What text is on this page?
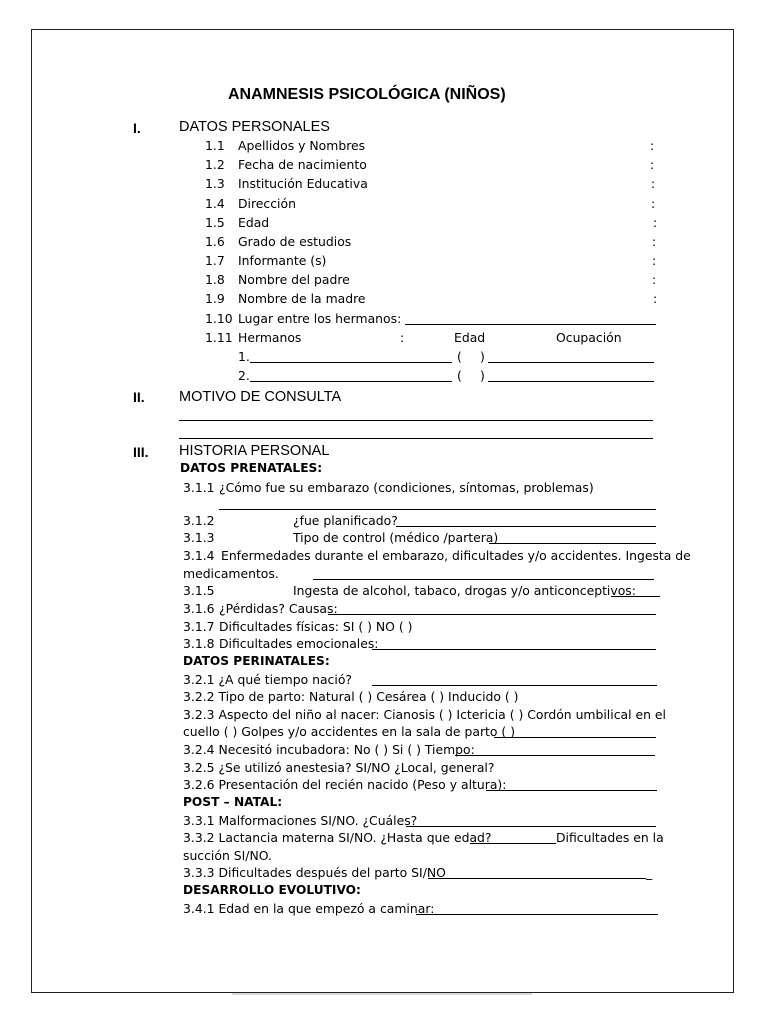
ANAMNESIS PSICOLÓGICA (NIÑOS)
I.	DATOS PERSONALES
1.1 Apellidos y Nombres	:
1.2 Fecha de nacimiento	:
1.3 Institución Educativa	:
1.4 Dirección	:
1.5 Edad	:
1.6 Grado de estudios	:
1.7 Informante (s)	:
1.8 Nombre del padre	:
1.9 Nombre de la madre	:
1.10 Lugar entre los hermanos:
1.11 Hermanos	:	Edad	Ocupación
1.	( )
2.	( )
II. MOTIVO DE CONSULTA
III. HISTORIA PERSONAL
DATOS PRENATALES:
3.1.1 ¿Cómo fue su embarazo (condiciones, síntomas, problemas)
3.1.2	¿fue planificado?
3.1.3	Tipo de control (médico /partera)
3.1.4 Enfermedades durante el embarazo, dificultades y/o accidentes. Ingesta de
medicamentos.
3.1.5	Ingesta de alcohol, tabaco, drogas y/o anticonceptivos:
3.1.6 ¿Pérdidas? Causas:
3.1.7 Dificultades físicas: SI ( ) NO ( )
3.1.8 Dificultades emocionales:
DATOS PERINATALES:
3.2.1 ¿A qué tiempo nació?
3.2.2 Tipo de parto: Natural ( ) Cesárea ( ) Inducido ( )
3.2.3 Aspecto del niño al nacer: Cianosis ( ) Ictericia ( ) Cordón umbilical en el
cuello ( ) Golpes y/o accidentes en la sala de parto ( )
3.2.4 Necesitó incubadora: No ( ) Si ( ) Tiempo:
3.2.5 ¿Se utilizó anestesia? SI/NO ¿Local, general?
3.2.6 Presentación del recién nacido (Peso y altura):
POST – NATAL:
3.3.1 Malformaciones SI/NO. ¿Cuáles?
3.3.2 Lactancia materna SI/NO. ¿Hasta que edad?	Dificultades en la
succión SI/NO.
3.3.3 Dificultades después del parto SI/NO	_
DESARROLLO EVOLUTIVO:
3.4.1 Edad en la que empezó a caminar:
